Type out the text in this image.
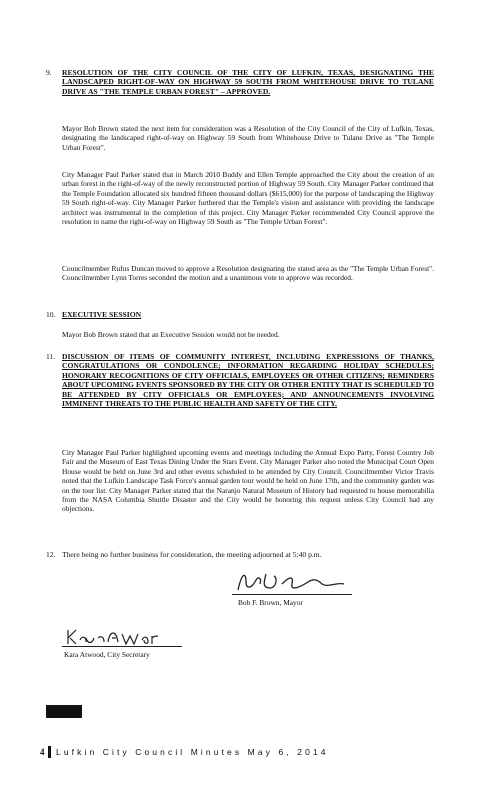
9. RESOLUTION OF THE CITY COUNCIL OF THE CITY OF LUFKIN, TEXAS, DESIGNATING THE LANDSCAPED RIGHT-OF-WAY ON HIGHWAY 59 SOUTH FROM WHITEHOUSE DRIVE TO TULANE DRIVE AS "THE TEMPLE URBAN FOREST" – APPROVED.
Mayor Bob Brown stated the next item for consideration was a Resolution of the City Council of the City of Lufkin, Texas, designating the landscaped right-of-way on Highway 59 South from Whitehouse Drive to Tulane Drive as "The Temple Urban Forest".
City Manager Paul Parker stated that in March 2010 Buddy and Ellen Temple approached the City about the creation of an urban forest in the right-of-way of the newly reconstructed portion of Highway 59 South. City Manager Parker continued that the Temple Foundation allocated six hundred fifteen thousand dollars ($615,000) for the purpose of landscaping the Highway 59 South right-of-way. City Manager Parker furthered that the Temple's vision and assistance with providing the landscape architect was instrumental in the completion of this project. City Manager Parker recommended City Council approve the resolution to name the right-of-way on Highway 59 South as "The Temple Urban Forest".
Councilmember Rufus Duncan moved to approve a Resolution designating the stated area as the "The Temple Urban Forest". Councilmember Lynn Torres seconded the motion and a unanimous vote to approve was recorded.
10. EXECUTIVE SESSION
Mayor Bob Brown stated that an Executive Session would not be needed.
11. DISCUSSION OF ITEMS OF COMMUNITY INTEREST, INCLUDING EXPRESSIONS OF THANKS, CONGRATULATIONS OR CONDOLENCE; INFORMATION REGARDING HOLIDAY SCHEDULES; HONORARY RECOGNITIONS OF CITY OFFICIALS, EMPLOYEES OR OTHER CITIZENS; REMINDERS ABOUT UPCOMING EVENTS SPONSORED BY THE CITY OR OTHER ENTITY THAT IS SCHEDULED TO BE ATTENDED BY CITY OFFICIALS OR EMPLOYEES; AND ANNOUNCEMENTS INVOLVING IMMINENT THREATS TO THE PUBLIC HEALTH AND SAFETY OF THE CITY.
City Manager Paul Parker highlighted upcoming events and meetings including the Annual Expo Party, Forest Country Job Fair and the Museum of East Texas Dining Under the Stars Event. City Manager Parker also noted the Municipal Court Open House would be held on June 3rd and other events scheduled to be attended by City Council. Councilmember Victor Travis noted that the Lufkin Landscape Task Force's annual garden tour would be held on June 17th, and the community garden was on the tour list. City Manager Parker stated that the Naranjo Natural Museum of History had requested to house memorabilia from the NASA Columbia Shuttle Disaster and the City would be honoring this request unless City Council had any objections.
12. There being no further business for consideration, the meeting adjourned at 5:40 p.m.
Bob F. Brown, Mayor
Kara Atwood, City Secretary
4 Lufkin City Council Minutes May 6, 2014
